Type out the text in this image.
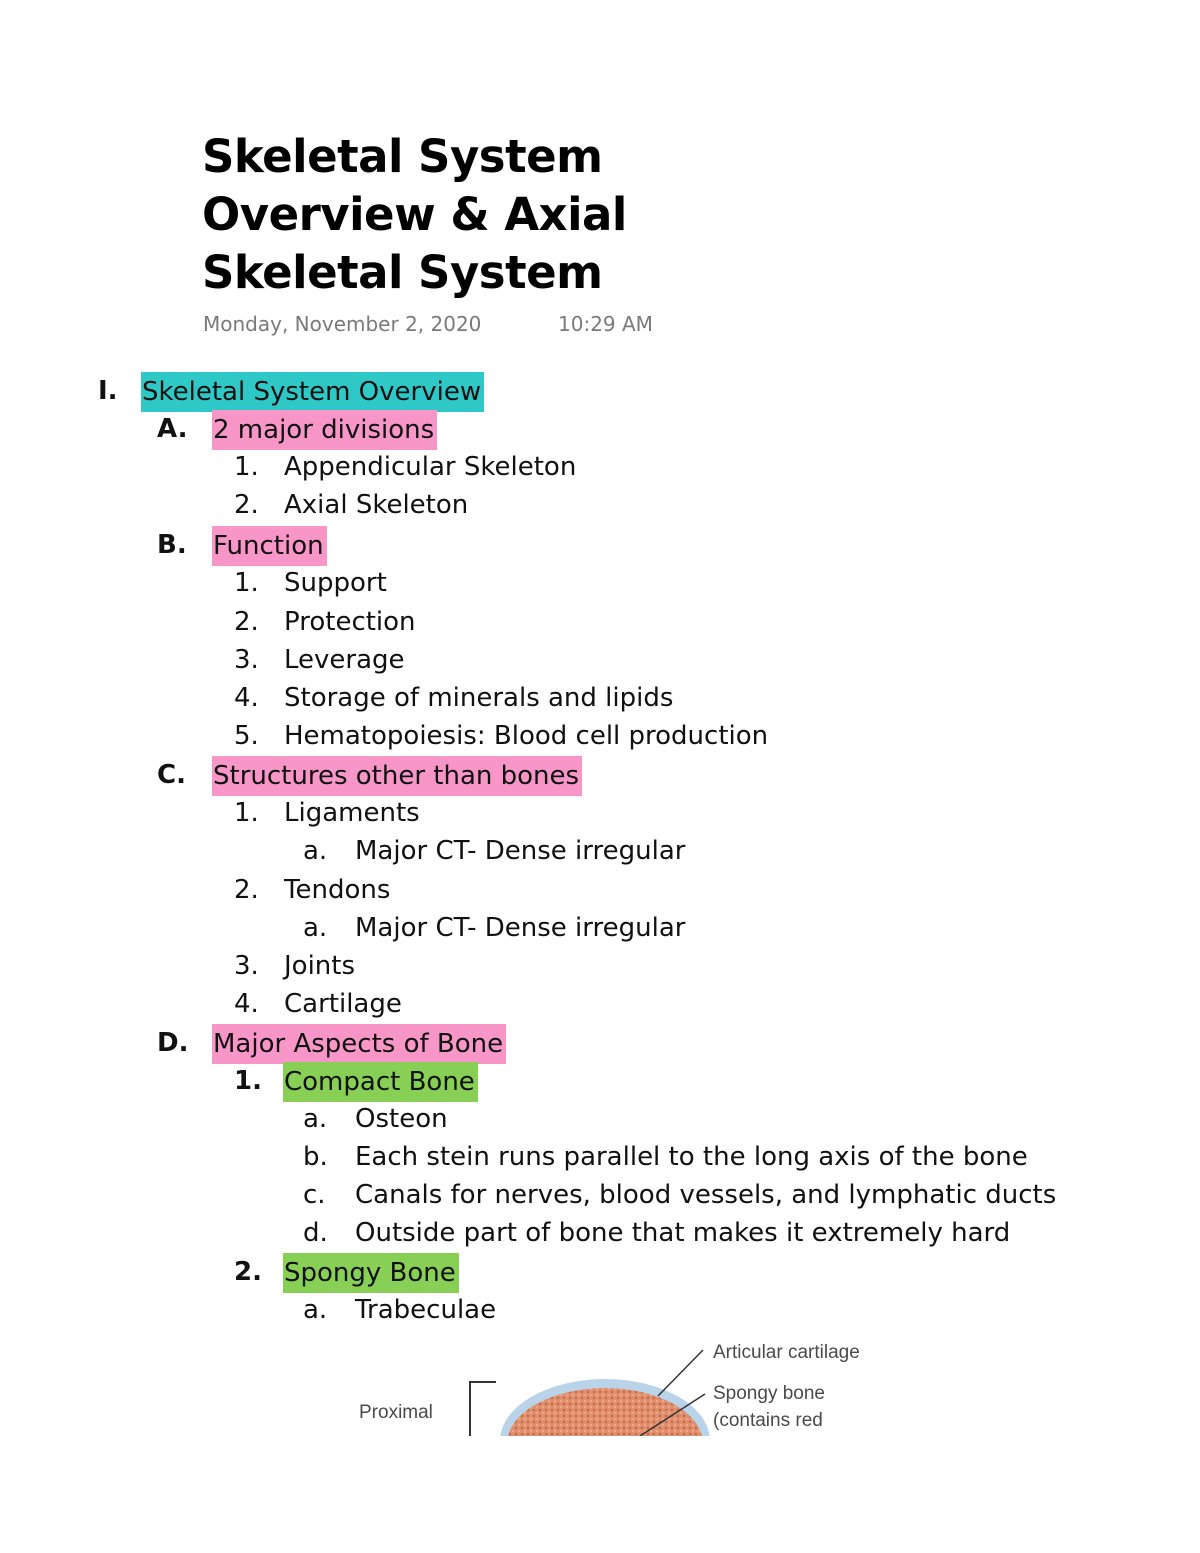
Skeletal System
Overview & Axial
Skeletal System
Monday, November 2, 2020	10:29 AM
I. Skeletal System Overview
A. 2 major divisions
1. Appendicular Skeleton
2. Axial Skeleton
B. Function
1. Support
2. Protection
3. Leverage
4. Storage of minerals and lipids
5. Hematopoiesis: Blood cell production
C. Structures other than bones
1. Ligaments
a. Major CT- Dense irregular
2. Tendons
a. Major CT- Dense irregular
3. Joints
4. Cartilage
D. Major Aspects of Bone
1. Compact Bone
a. Osteon
b. Each stein runs parallel to the long axis of the bone
c. Canals for nerves, blood vessels, and lymphatic ducts
d. Outside part of bone that makes it extremely hard
2. Spongy Bone
a. Trabeculae
Articular cartilage
Spongy bone
(contains red
Proximal
